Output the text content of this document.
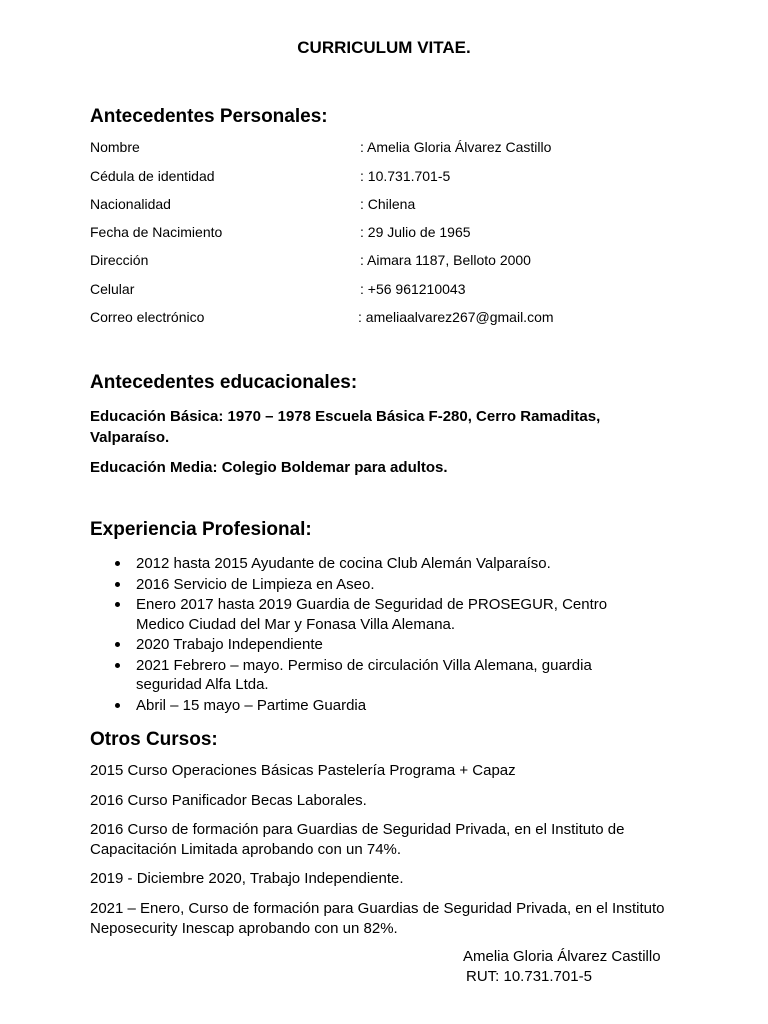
CURRICULUM VITAE.
Antecedentes Personales:
Nombre	: Amelia Gloria Álvarez Castillo
Cédula de identidad	: 10.731.701-5
Nacionalidad	: Chilena
Fecha de Nacimiento	: 29 Julio de 1965
Dirección	: Aimara 1187, Belloto 2000
Celular	: +56 961210043
Correo electrónico	: ameliaalvarez267@gmail.com
Antecedentes educacionales:
Educación Básica: 1970 – 1978 Escuela Básica F-280, Cerro Ramaditas, Valparaíso.
Educación Media: Colegio Boldemar para adultos.
Experiencia Profesional:
2012 hasta 2015 Ayudante de cocina Club Alemán Valparaíso.
2016 Servicio de Limpieza en Aseo.
Enero 2017 hasta 2019 Guardia de Seguridad de PROSEGUR, Centro Medico Ciudad del Mar y Fonasa Villa Alemana.
2020 Trabajo Independiente
2021 Febrero – mayo. Permiso de circulación Villa Alemana, guardia seguridad Alfa Ltda.
Abril – 15 mayo – Partime Guardia
Otros Cursos:
2015 Curso Operaciones Básicas Pastelería Programa + Capaz
2016 Curso Panificador Becas Laborales.
2016 Curso de formación para Guardias de Seguridad Privada, en el Instituto de Capacitación Limitada aprobando con un 74%.
2019 - Diciembre 2020, Trabajo Independiente.
2021 – Enero, Curso de formación para Guardias de Seguridad Privada, en el Instituto Neposecurity Inescap aprobando con un 82%.
Amelia Gloria Álvarez Castillo
RUT: 10.731.701-5
